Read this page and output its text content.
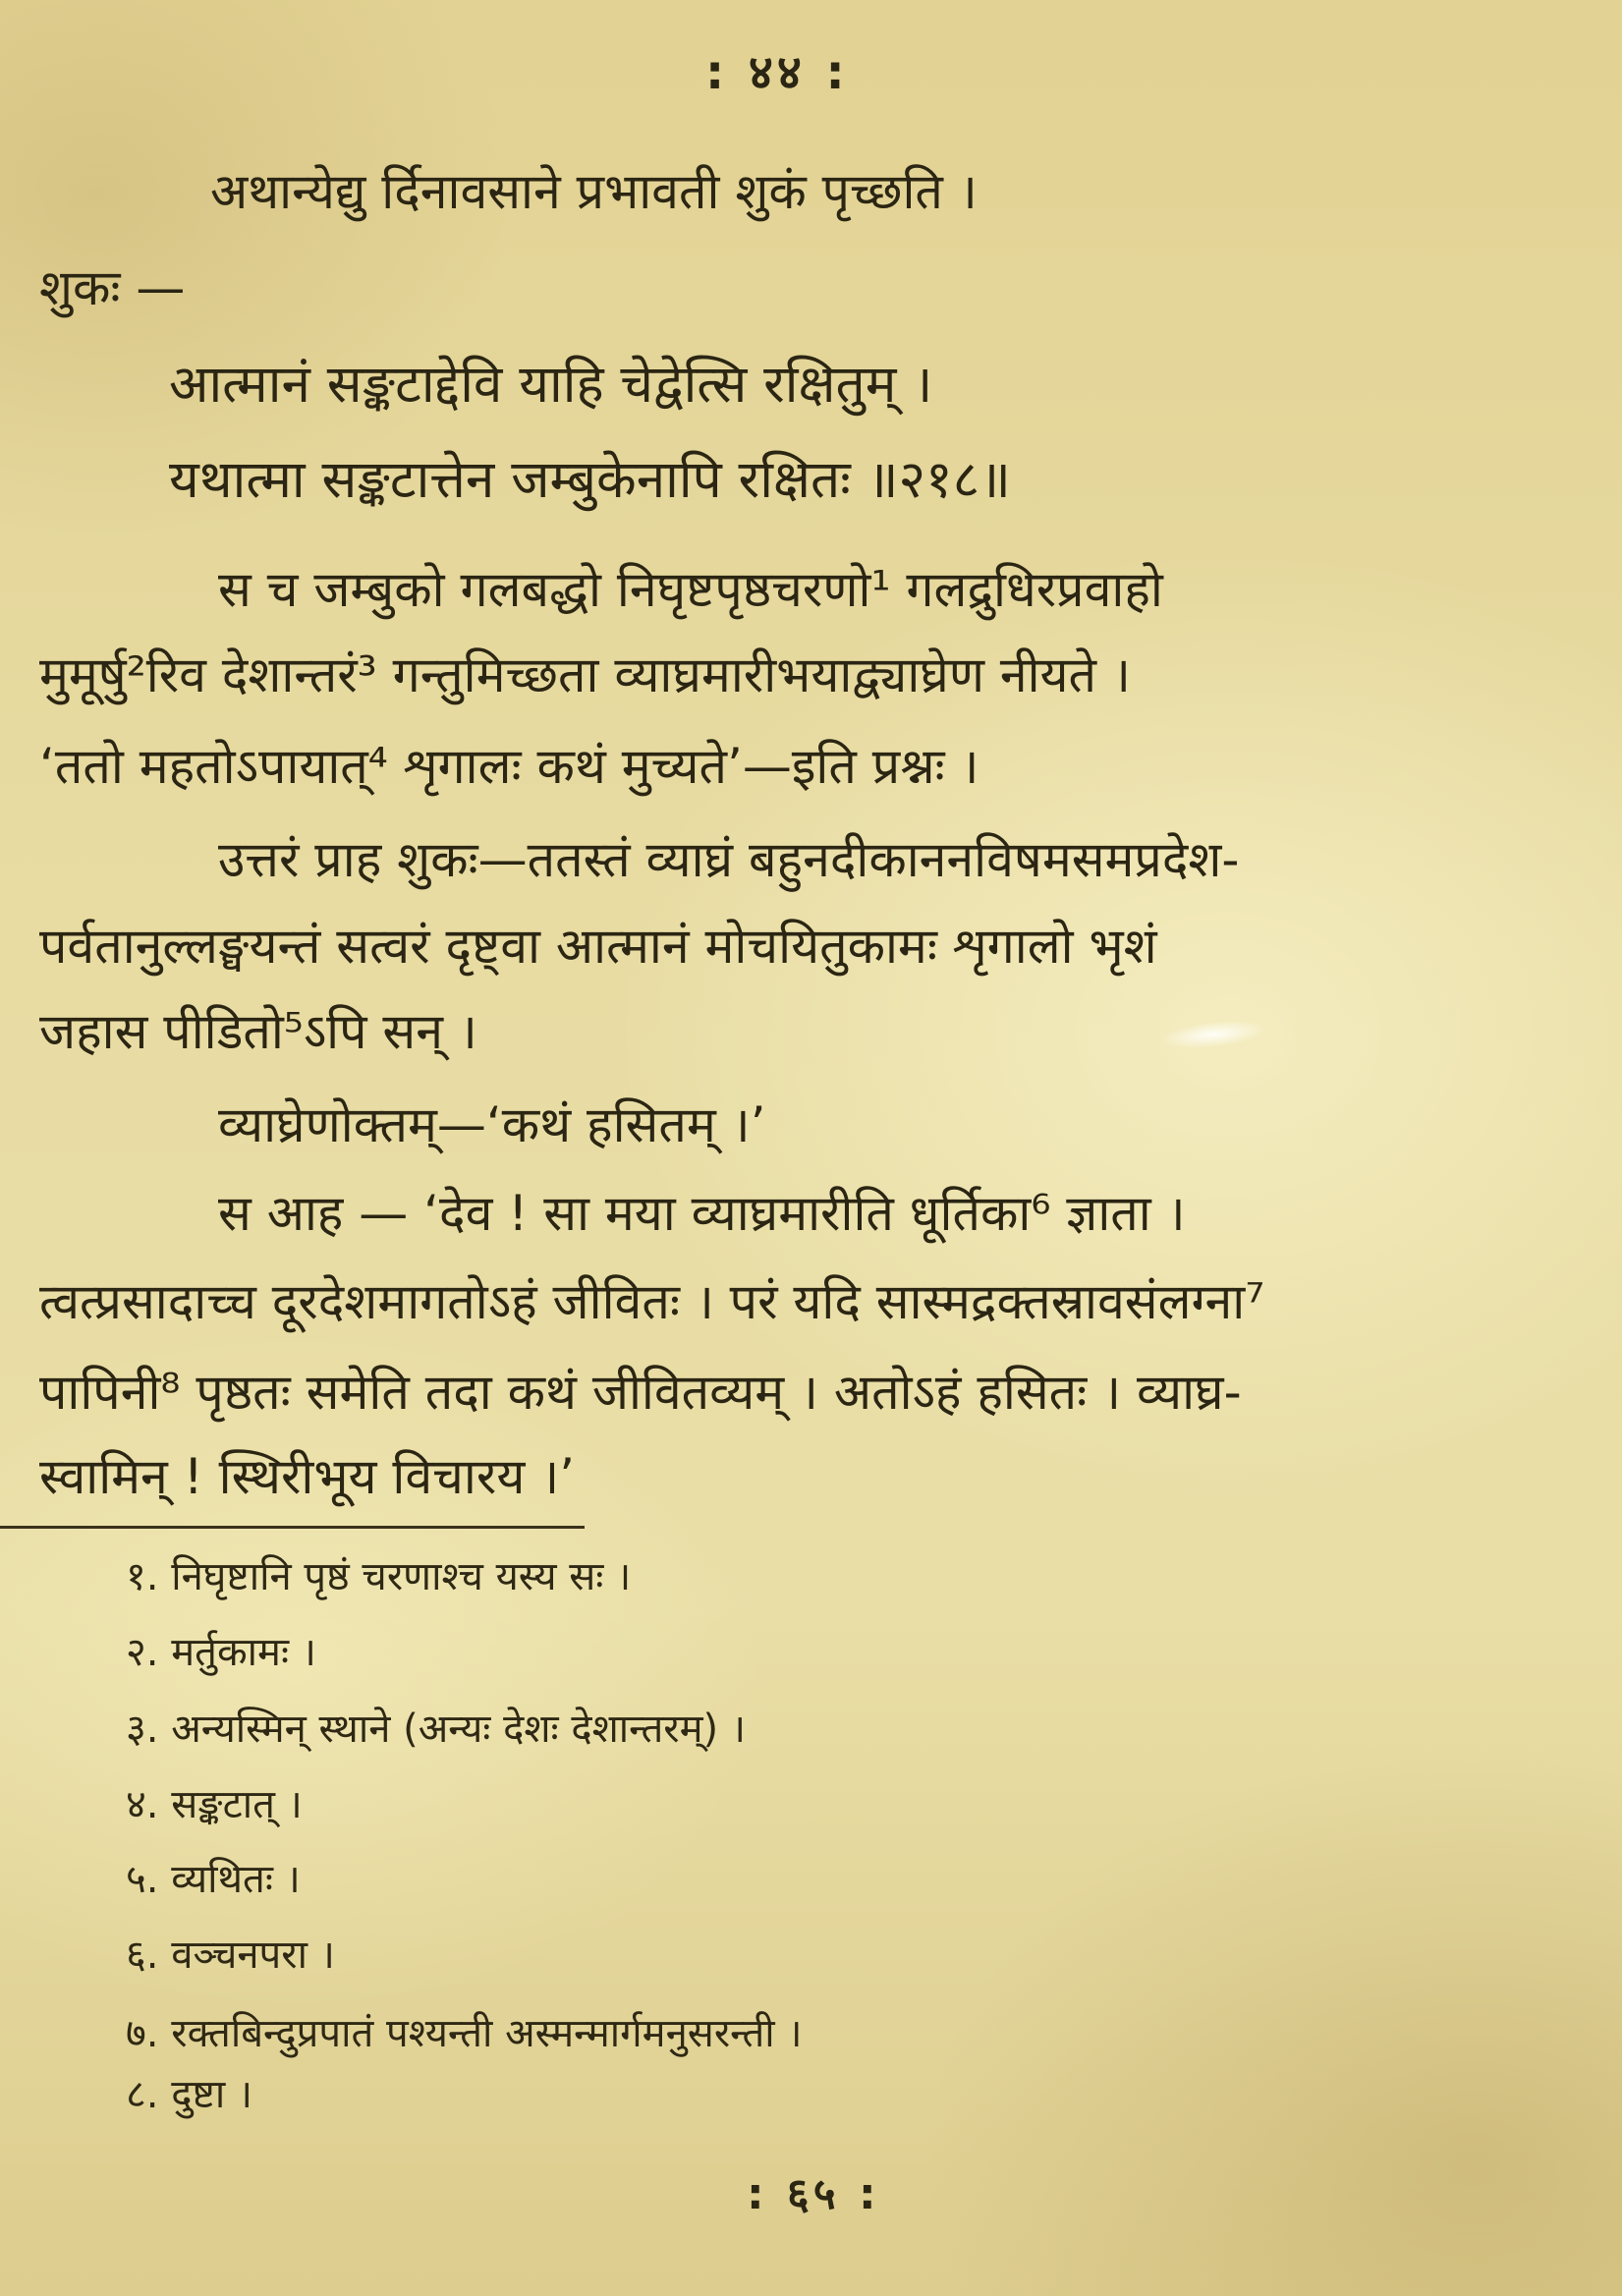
: ४४ :
अथान्येद्यु र्दिनावसाने प्रभावती शुकं पृच्छति ।
शुकः —
आत्मानं सङ्कटाद्देवि याहि चेद्वेत्सि रक्षितुम् ।
यथात्मा सङ्कटात्तेन जम्बुकेनापि रक्षितः ॥२१८॥
स च जम्बुको गलबद्धो निघृष्टपृष्ठचरणो¹ गलद्रुधिरप्रवाहो
मुमूर्षु²रिव देशान्तरं³ गन्तुमिच्छता व्याघ्रमारीभयाद्व्याघ्रेण नीयते ।
‘ततो महतोऽपायात्⁴ शृगालः कथं मुच्यते’—इति प्रश्नः ।
उत्तरं प्राह शुकः—ततस्तं व्याघ्रं बहुनदीकाननविषमसमप्रदेश-
पर्वतानुल्लङ्घयन्तं सत्वरं दृष्ट्वा आत्मानं मोचयितुकामः शृगालो भृशं
जहास पीडितो⁵ऽपि सन् ।
व्याघ्रेणोक्तम्—‘कथं हसितम् ।’
स आह — ‘देव ! सा मया व्याघ्रमारीति धूर्तिका⁶ ज्ञाता ।
त्वत्प्रसादाच्च दूरदेशमागतोऽहं जीवितः । परं यदि सास्मद्रक्तस्रावसंलग्ना⁷
पापिनी⁸ पृष्ठतः समेति तदा कथं जीवितव्यम् । अतोऽहं हसितः । व्याघ्र-
स्वामिन् ! स्थिरीभूय विचारय ।’
१. निघृष्टानि पृष्ठं चरणाश्च यस्य सः ।
२. मर्तुकामः ।
३. अन्यस्मिन् स्थाने (अन्यः देशः देशान्तरम्) ।
४. सङ्कटात् ।
५. व्यथितः ।
६. वञ्चनपरा ।
७. रक्तबिन्दुप्रपातं पश्यन्ती अस्मन्मार्गमनुसरन्ती ।
८. दुष्टा ।
: ६५ :
